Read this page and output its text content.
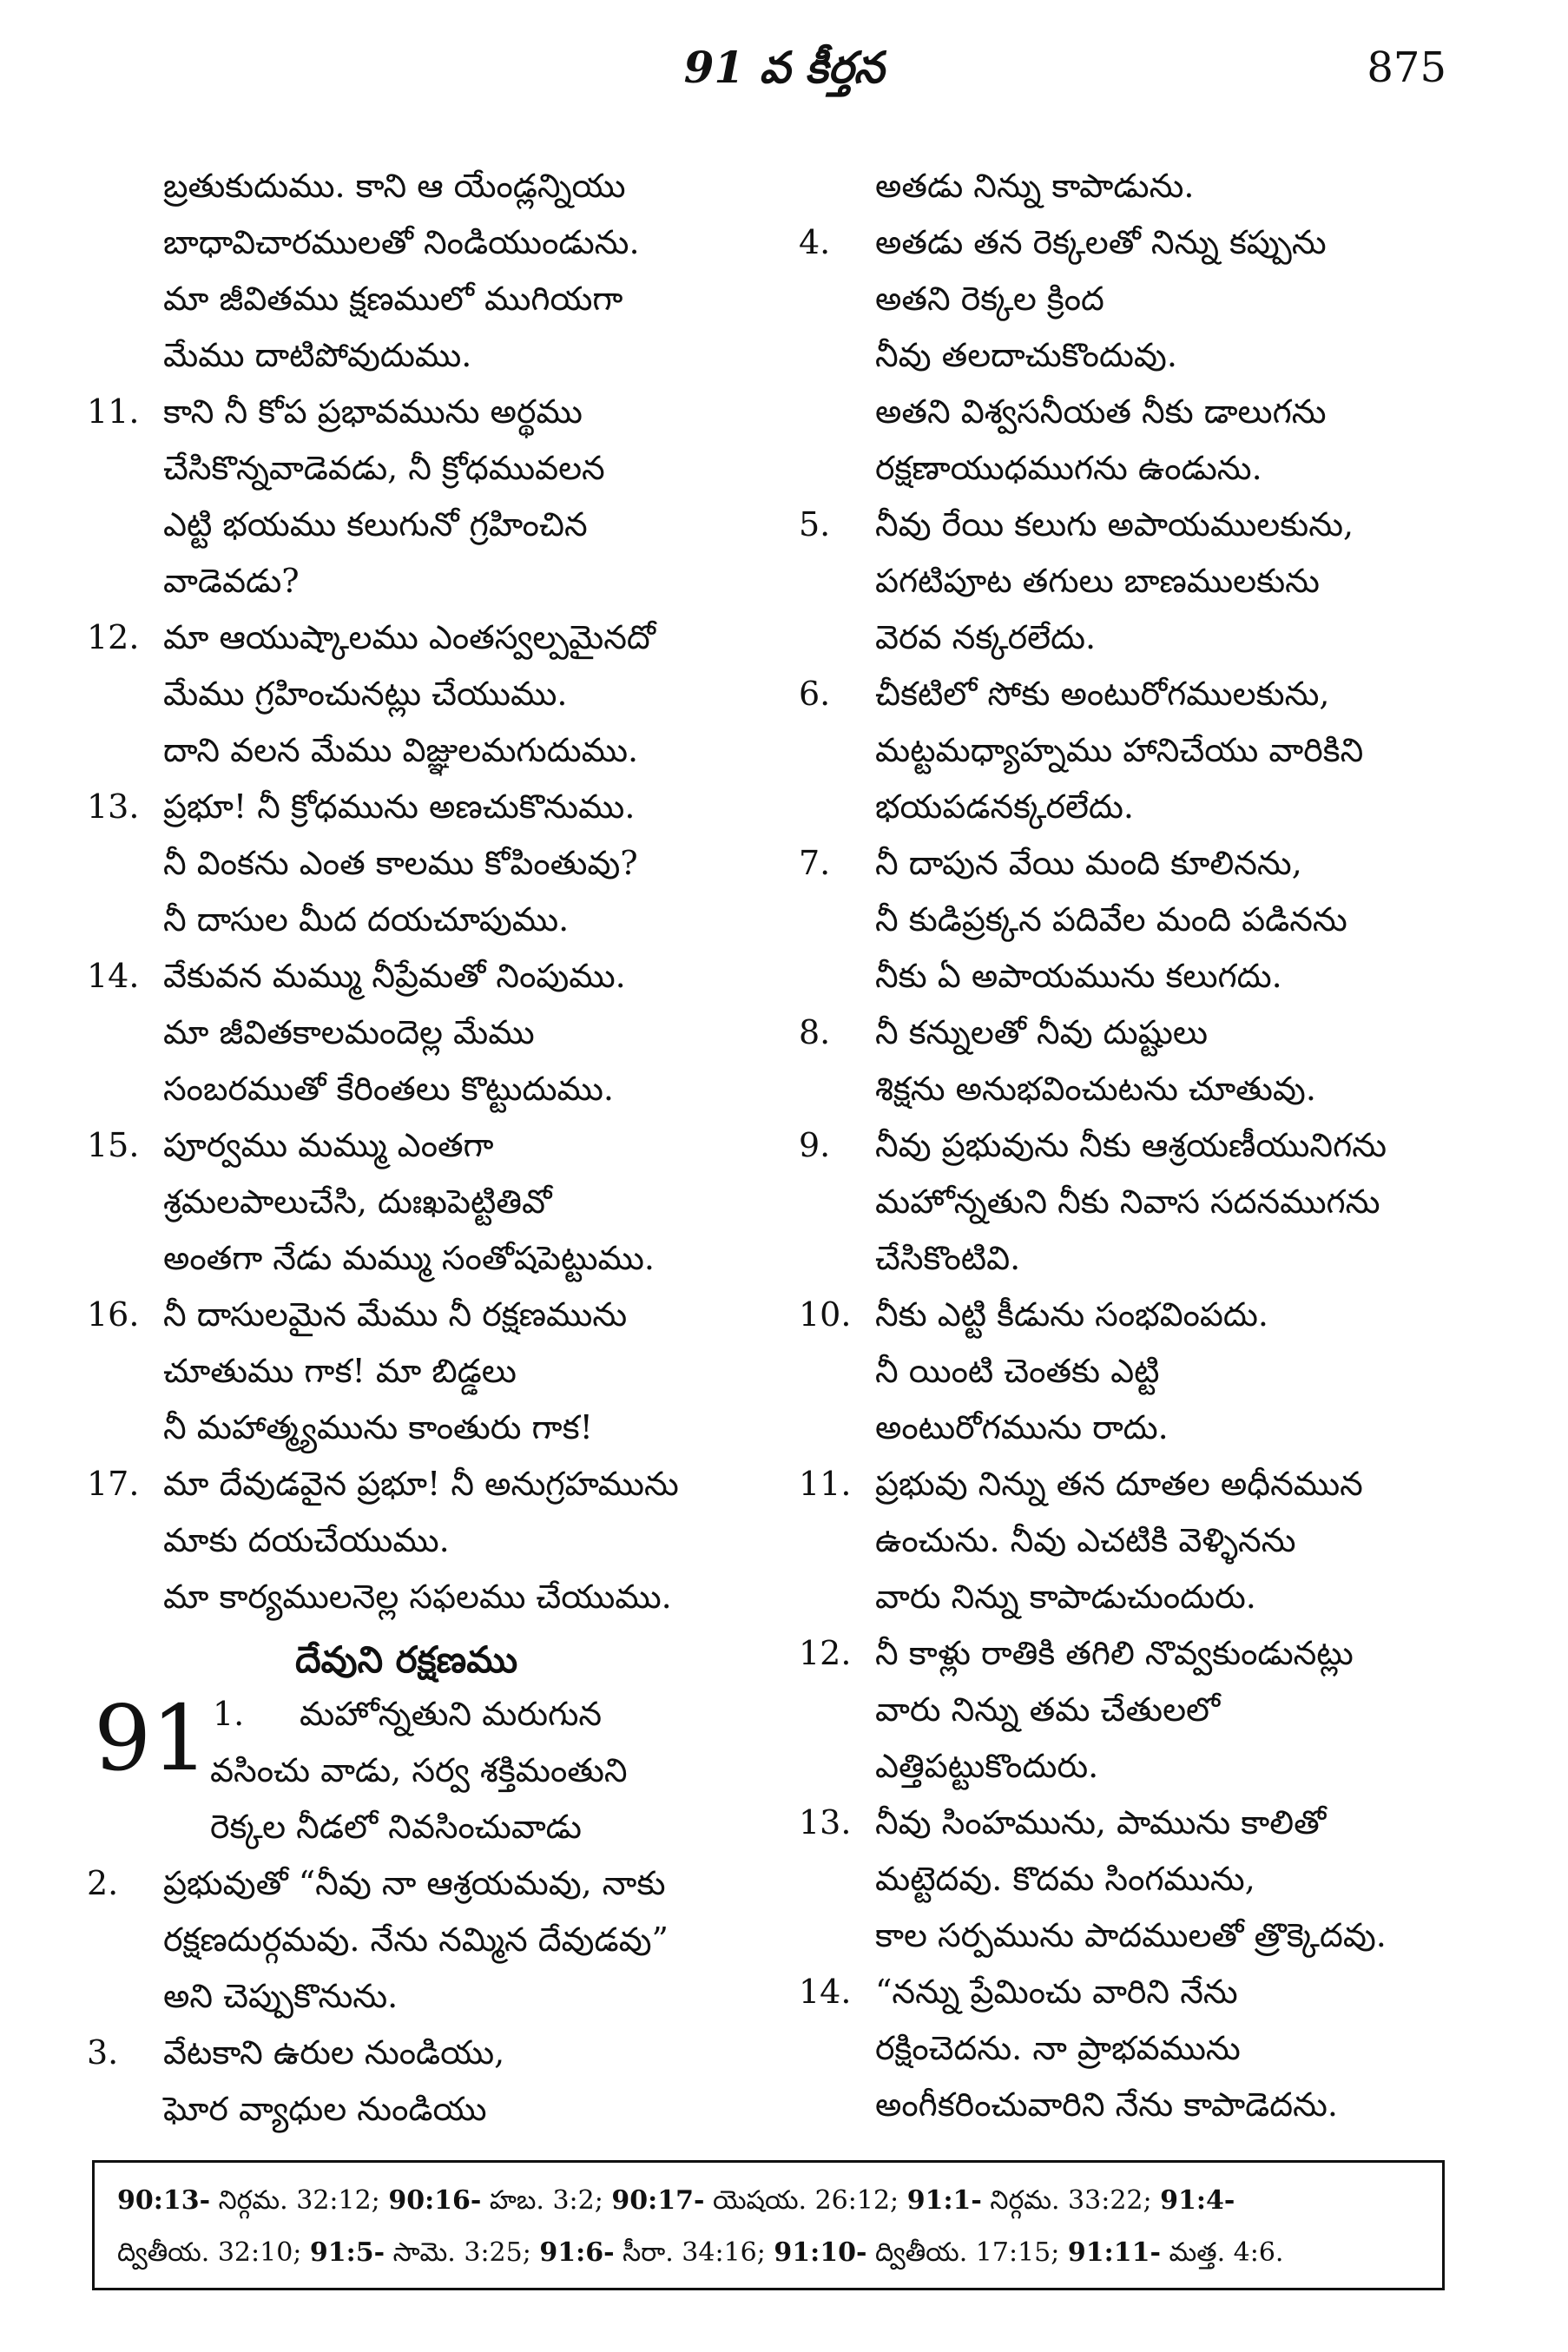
91 వ కీర్తన	875
బ్రతుకుదుము. కాని ఆ యేండ్లన్నియు
బాధావిచారములతో నిండియుండును.
మా జీవితము క్షణములో ముగియగా
మేము దాటిపోవుదుము.
11. కాని నీ కోప ప్రభావమును అర్థము
చేసికొన్నవాడెవడు, నీ క్రోధమువలన
ఎట్టి భయము కలుగునో గ్రహించిన
వాడెవడు?
12. మా ఆయుష్కాలము ఎంతస్వల్పమైనదో
మేము గ్రహించునట్లు చేయుము.
దాని వలన మేము విజ్ఞులమగుదుము.
13. ప్రభూ! నీ క్రోధమును అణచుకొనుము.
నీ వింకను ఎంత కాలము కోపింతువు?
నీ దాసుల మీద దయచూపుము.
14. వేకువన మమ్ము నీప్రేమతో నింపుము.
మా జీవితకాలమందెల్ల మేము
సంబరముతో కేరింతలు కొట్టుదుము.
15. పూర్వము మమ్ము ఎంతగా
శ్రమలపాలుచేసి, దుఃఖపెట్టితివో
అంతగా నేడు మమ్ము సంతోషపెట్టుము.
16. నీ దాసులమైన మేము నీ రక్షణమును
చూతుము గాక! మా బిడ్డలు
నీ మహాత్మ్యమును కాంతురు గాక!
17. మా దేవుడవైన ప్రభూ! నీ అనుగ్రహమును
మాకు దయచేయుము.
మా కార్యములనెల్ల సఫలము చేయుము.
దేవుని రక్షణము
91 1.	మహోన్నతుని మరుగున
వసించు వాడు, సర్వ శక్తిమంతుని
రెక్కల నీడలో నివసించువాడు
2.	ప్రభువుతో “నీవు నా ఆశ్రయమవు, నాకు
రక్షణదుర్గమవు. నేను నమ్మిన దేవుడవు”
అని చెప్పుకొనును.
3.	వేటకాని ఉరుల నుండియు,
ఘోర వ్యాధుల నుండియు
అతడు నిన్ను కాపాడును.
4.	అతడు తన రెక్కలతో నిన్ను కప్పును
అతని రెక్కల క్రింద
నీవు తలదాచుకొందువు.
అతని విశ్వసనీయత నీకు డాలుగను
రక్షణాయుధముగను ఉండును.
5.	నీవు రేయి కలుగు అపాయములకును,
పగటిపూట తగులు బాణములకును
వెరవ నక్కరలేదు.
6.	చీకటిలో సోకు అంటురోగములకును,
మట్టమధ్యాహ్నము హానిచేయు వారికిని
భయపడనక్కరలేదు.
7.	నీ దాపున వేయి మంది కూలినను,
నీ కుడిప్రక్కన పదివేల మంది పడినను
నీకు ఏ అపాయమును కలుగదు.
8.	నీ కన్నులతో నీవు దుష్టులు
శిక్షను అనుభవించుటను చూతువు.
9.	నీవు ప్రభువును నీకు ఆశ్రయణీయునిగను
మహోన్నతుని నీకు నివాస సదనముగను
చేసికొంటివి.
10. నీకు ఎట్టి కీడును సంభవింపదు.
నీ యింటి చెంతకు ఎట్టి
అంటురోగమును రాదు.
11. ప్రభువు నిన్ను తన దూతల అధీనమున
ఉంచును. నీవు ఎచటికి వెళ్ళినను
వారు నిన్ను కాపాడుచుందురు.
12. నీ కాళ్లు రాతికి తగిలి నొవ్వకుండునట్లు
వారు నిన్ను తమ చేతులలో
ఎత్తిపట్టుకొందురు.
13. నీవు సింహమును, పామును కాలితో
మట్టెదవు. కొదమ సింగమును,
కాల సర్పమును పాదములతో త్రొక్కెదవు.
14. “నన్ను ప్రేమించు వారిని నేను
రక్షించెదను. నా ప్రాభవమును
అంగీకరించువారిని నేను కాపాడెదను.
90:13- నిర్గమ. 32:12; 90:16- హబ. 3:2; 90:17- యెషయ. 26:12; 91:1- నిర్గమ. 33:22; 91:4-
ద్వితీయ. 32:10; 91:5- సామె. 3:25; 91:6- సీరా. 34:16; 91:10- ద్వితీయ. 17:15; 91:11- మత్త. 4:6.
